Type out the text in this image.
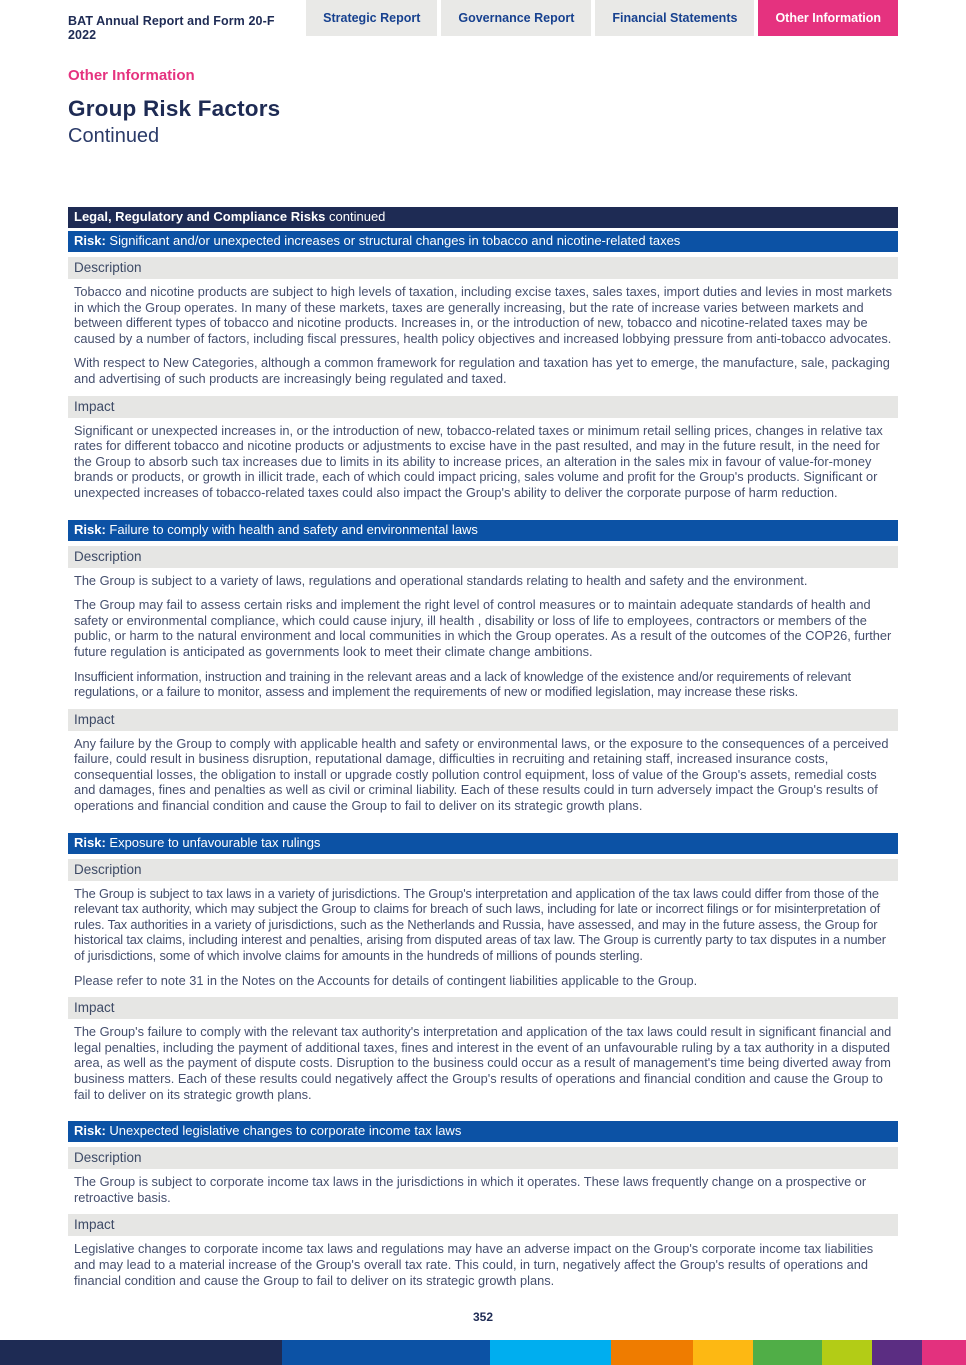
BAT Annual Report and Form 20-F 2022
Strategic Report	Governance Report	Financial Statements	Other Information
Other Information
Group Risk Factors
Continued
Legal, Regulatory and Compliance Risks continued
Risk: Significant and/or unexpected increases or structural changes in tobacco and nicotine-related taxes
Description

Tobacco and nicotine products are subject to high levels of taxation, including excise taxes, sales taxes, import duties and levies in most markets in which the Group operates. In many of these markets, taxes are generally increasing, but the rate of increase varies between markets and between different types of tobacco and nicotine products. Increases in, or the introduction of new, tobacco and nicotine-related taxes may be caused by a number of factors, including fiscal pressures, health policy objectives and increased lobbying pressure from anti-tobacco advocates.

With respect to New Categories, although a common framework for regulation and taxation has yet to emerge, the manufacture, sale, packaging and advertising of such products are increasingly being regulated and taxed.

Impact

Significant or unexpected increases in, or the introduction of new, tobacco-related taxes or minimum retail selling prices, changes in relative tax rates for different tobacco and nicotine products or adjustments to excise have in the past resulted, and may in the future result, in the need for the Group to absorb such tax increases due to limits in its ability to increase prices, an alteration in the sales mix in favour of value-for-money brands or products, or growth in illicit trade, each of which could impact pricing, sales volume and profit for the Group's products. Significant or unexpected increases of tobacco-related taxes could also impact the Group's ability to deliver the corporate purpose of harm reduction.

Risk: Failure to comply with health and safety and environmental laws
Description

The Group is subject to a variety of laws, regulations and operational standards relating to health and safety and the environment.

The Group may fail to assess certain risks and implement the right level of control measures or to maintain adequate standards of health and safety or environmental compliance, which could cause injury, ill health , disability or loss of life to employees, contractors or members of the public, or harm to the natural environment and local communities in which the Group operates. As a result of the outcomes of the COP26, further future regulation is anticipated as governments look to meet their climate change ambitions.

Insufficient information, instruction and training in the relevant areas and a lack of knowledge of the existence and/or requirements of relevant regulations, or a failure to monitor, assess and implement the requirements of new or modified legislation, may increase these risks.

Impact

Any failure by the Group to comply with applicable health and safety or environmental laws, or the exposure to the consequences of a perceived failure, could result in business disruption, reputational damage, difficulties in recruiting and retaining staff, increased insurance costs, consequential losses, the obligation to install or upgrade costly pollution control equipment, loss of value of the Group's assets, remedial costs and damages, fines and penalties as well as civil or criminal liability. Each of these results could in turn adversely impact the Group's results of operations and financial condition and cause the Group to fail to deliver on its strategic growth plans.

Risk: Exposure to unfavourable tax rulings
Description

The Group is subject to tax laws in a variety of jurisdictions. The Group's interpretation and application of the tax laws could differ from those of the relevant tax authority, which may subject the Group to claims for breach of such laws, including for late or incorrect filings or for misinterpretation of rules. Tax authorities in a variety of jurisdictions, such as the Netherlands and Russia, have assessed, and may in the future assess, the Group for historical tax claims, including interest and penalties, arising from disputed areas of tax law. The Group is currently party to tax disputes in a number of jurisdictions, some of which involve claims for amounts in the hundreds of millions of pounds sterling.

Please refer to note 31 in the Notes on the Accounts for details of contingent liabilities applicable to the Group.

Impact

The Group's failure to comply with the relevant tax authority's interpretation and application of the tax laws could result in significant financial and legal penalties, including the payment of additional taxes, fines and interest in the event of an unfavourable ruling by a tax authority in a disputed area, as well as the payment of dispute costs. Disruption to the business could occur as a result of management's time being diverted away from business matters. Each of these results could negatively affect the Group's results of operations and financial condition and cause the Group to fail to deliver on its strategic growth plans.

Risk: Unexpected legislative changes to corporate income tax laws
Description

The Group is subject to corporate income tax laws in the jurisdictions in which it operates. These laws frequently change on a prospective or retroactive basis.

Impact

Legislative changes to corporate income tax laws and regulations may have an adverse impact on the Group's corporate income tax liabilities and may lead to a material increase of the Group's overall tax rate. This could, in turn, negatively affect the Group's results of operations and financial condition and cause the Group to fail to deliver on its strategic growth plans.

352
